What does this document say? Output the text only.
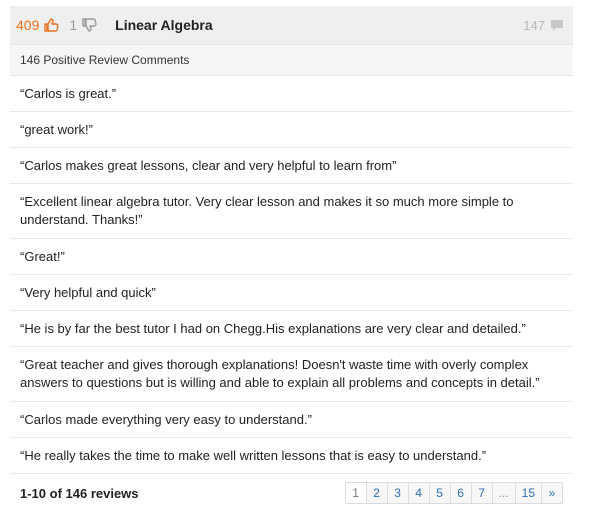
409 1	Linear Algebra	147
146 Positive Review Comments
“Carlos is great.”
“great work!”
“Carlos makes great lessons, clear and very helpful to learn from”
“Excellent linear algebra tutor. Very clear lesson and makes it so much more simple to understand. Thanks!”
“Great!”
“Very helpful and quick”
“He is by far the best tutor I had on Chegg.His explanations are very clear and detailed.”
“Great teacher and gives thorough explanations! Doesn't waste time with overly complex answers to questions but is willing and able to explain all problems and concepts in detail.”
“Carlos made everything very easy to understand.”
“He really takes the time to make well written lessons that is easy to understand.”
1-10 of 146 reviews	1	2	3	4	5	6	7	...	15	»
